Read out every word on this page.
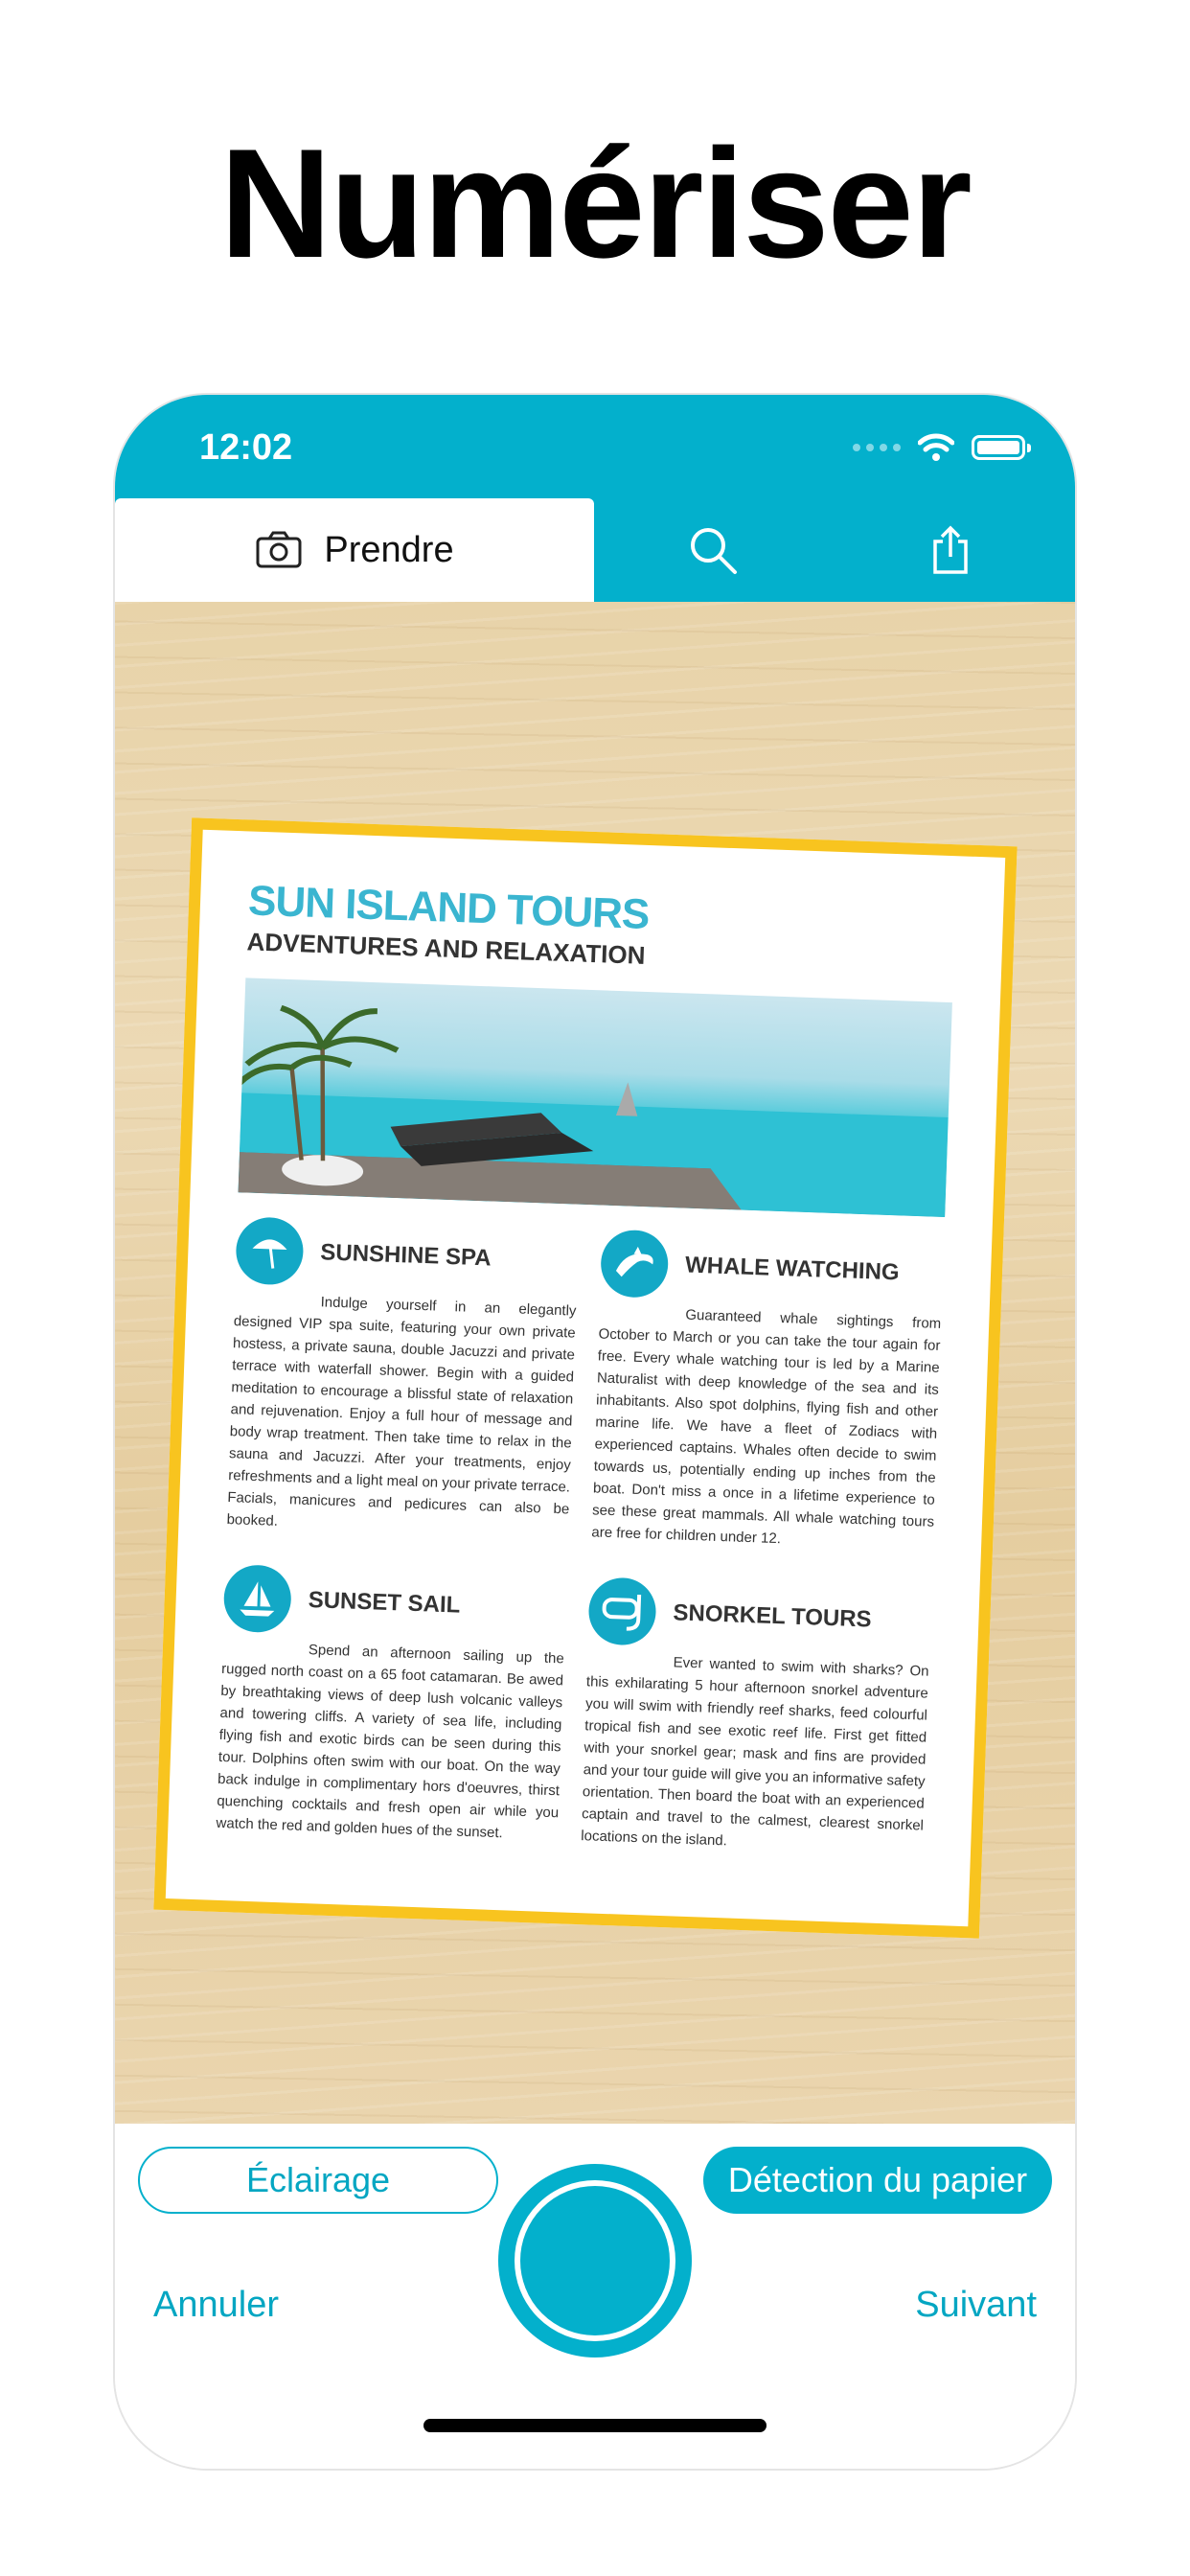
Numériser
12:02
Prendre
SUN ISLAND TOURS
ADVENTURES AND RELAXATION
SUNSHINE SPA
Indulge yourself in an elegantly designed VIP spa suite, featuring your own private hostess, a private sauna, double Jacuzzi and private terrace with waterfall shower. Begin with a guided meditation to encourage a blissful state of relaxation and rejuvenation. Enjoy a full hour of message and body wrap treatment. Then take time to relax in the sauna and Jacuzzi. After your treatments, enjoy refreshments and a light meal on your private terrace. Facials, manicures and pedicures can also be booked.
WHALE WATCHING
Guaranteed whale sightings from October to March or you can take the tour again for free. Every whale watching tour is led by a Marine Naturalist with deep knowledge of the sea and its inhabitants. Also spot dolphins, flying fish and other marine life. We have a fleet of Zodiacs with experienced captains. Whales often decide to swim towards us, potentially ending up inches from the boat. Don't miss a once in a lifetime experience to see these great mammals. All whale watching tours are free for children under 12.
SUNSET SAIL
Spend an afternoon sailing up the rugged north coast on a 65 foot catamaran. Be awed by breathtaking views of deep lush volcanic valleys and towering cliffs. A variety of sea life, including flying fish and exotic birds can be seen during this tour. Dolphins often swim with our boat. On the way back indulge in complimentary hors d'oeuvres, thirst quenching cocktails and fresh open air while you watch the red and golden hues of the sunset.
SNORKEL TOURS
Ever wanted to swim with sharks? On this exhilarating 5 hour afternoon snorkel adventure you will swim with friendly reef sharks, feed colourful tropical fish and see exotic reef life. First get fitted with your snorkel gear; mask and fins are provided and your tour guide will give you an informative safety orientation. Then board the boat with an experienced captain and travel to the calmest, clearest snorkel locations on the island.
Éclairage	Détection du papier
Annuler	Suivant
